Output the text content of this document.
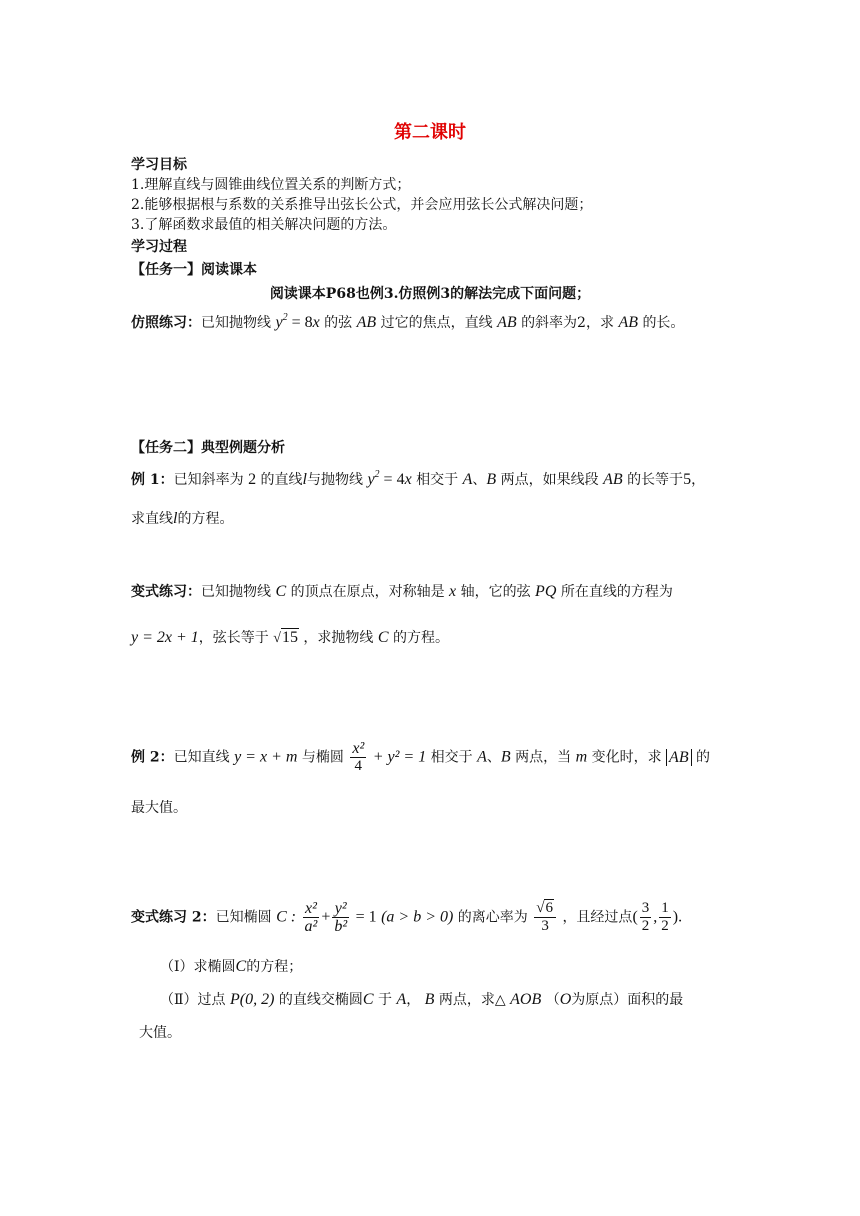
第二课时
学习目标
1.理解直线与圆锥曲线位置关系的判断方式；
2.能够根据根与系数的关系推导出弦长公式，并会应用弦长公式解决问题；
3.了解函数求最值的相关解决问题的方法。
学习过程
【任务一】阅读课本
阅读课本P68也例3.仿照例3的解法完成下面问题；
仿照练习：已知抛物线 $y^2 = 8x$ 的弦 AB 过它的焦点，直线 AB 的斜率为2，求 AB 的长。
【任务二】典型例题分析
例 1：已知斜率为 2 的直线l与抛物线 $y^2 = 4x$ 相交于 A、B 两点，如果线段 AB 的长等于5，
求直线l的方程。
变式练习：已知抛物线 C 的顶点在原点，对称轴是 x 轴，它的弦 PQ 所在直线的方程为
y = 2x + 1，弦长等于 √15 ，求抛物线 C 的方程。
例 2：已知直线 y = x + m 与椭圆 $\frac{\text{x²}}{4} + y^2 = 1$ 相交于 A、B 两点，当 m 变化时，求 AB 的
最大值。
变式练习 2：已知椭圆 C : $\frac{\text{x²}}{\text{a²}} + \frac{\text{y²}}{\text{b²}} = 1$ (a > b > 0) 的离心率为 $\frac{√6}{3}$ ，且经过点( $\frac{3}{2}$ , $\frac{1}{2}$ ).
（Ⅰ）求椭圆C的方程；
（Ⅱ）过点 P(0, 2) 的直线交椭圆C 于 A， B 两点，求△ AOB （O为原点）面积的最
大值。
